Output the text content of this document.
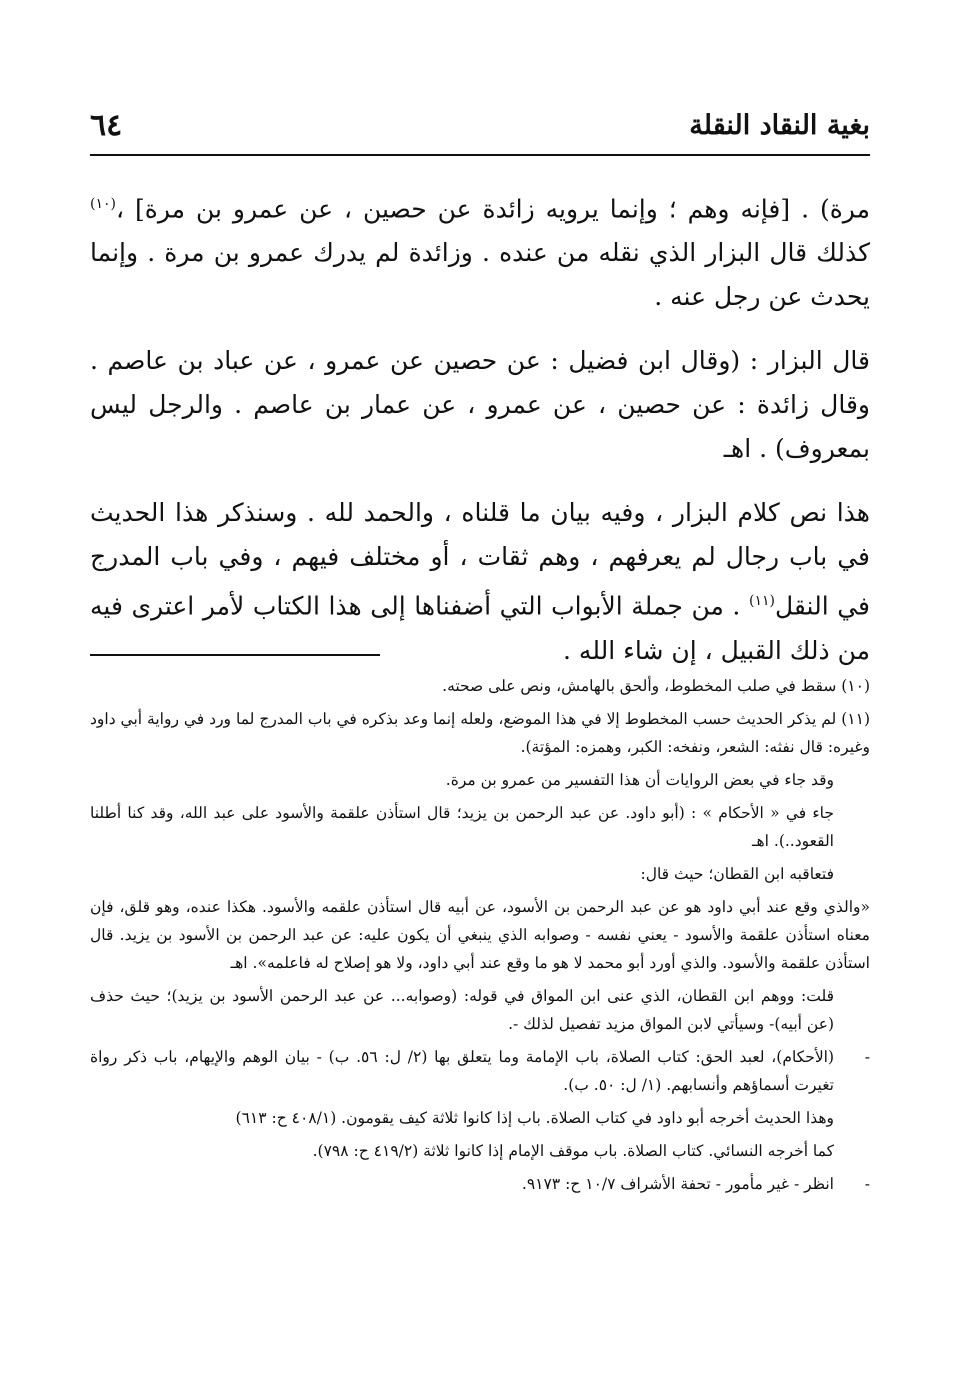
بغية النقاد النقلة
٦٤

مرة) . [فإنه وهم ؛ وإنما يرويه زائدة عن حصين ، عن عمرو بن مرة] ،$^{(١٠)}$ كذلك قال البزار الذي نقله من عنده . وزائدة لم يدرك عمرو بن مرة . وإنما يحدث عن رجل عنه .

قال البزار : (وقال ابن فضيل : عن حصين عن عمرو ، عن عباد بن عاصم . وقال زائدة : عن حصين ، عن عمرو ، عن عمار بن عاصم . والرجل ليس بمعروف) . اهـ

هذا نص كلام البزار ، وفيه بيان ما قلناه ، والحمد لله . وسنذكر هذا الحديث في باب رجال لم يعرفهم ، وهم ثقات ، أو مختلف فيهم ، وفي باب المدرج في النقل$^{(١١)}$ . من جملة الأبواب التي أضفناها إلى هذا الكتاب لأمر اعترى فيه من ذلك القبيل ، إن شاء الله .

(١٠) سقط في صلب المخطوط، وألحق بالهامش، ونص على صحته.

(١١) لم يذكر الحديث حسب المخطوط إلا في هذا الموضع، ولعله إنما وعد بذكره في باب المدرج لما ورد في رواية أبي داود وغيره: قال نفثه: الشعر، ونفخه: الكبر، وهمزه: المؤتة).

وقد جاء في بعض الروايات أن هذا التفسير من عمرو بن مرة.

جاء في « الأحكام » : (أبو داود. عن عبد الرحمن بن يزيد؛ قال استأذن علقمة والأسود على عبد الله، وقد كنا أطلنا القعود..). اهـ

فتعاقبه ابن القطان؛ حيث قال:

«والذي وقع عند أبي داود هو عن عبد الرحمن بن الأسود، عن أبيه قال استأذن علقمه والأسود. هكذا عنده، وهو قلق، فإن معناه استأذن علقمة والأسود - يعني نفسه - وصوابه الذي ينبغي أن يكون عليه: عن عبد الرحمن بن الأسود بن يزيد. قال استأذن علقمة والأسود. والذي أورد أبو محمد لا هو ما وقع عند أبي داود، ولا هو إصلاح له فاعلمه». اهـ

قلت: ووهم ابن القطان، الذي عنى ابن المواق في قوله: (وصوابه... عن عبد الرحمن الأسود بن يزيد)؛ حيث حذف (عن أبيه)- وسيأتي لابن المواق مزيد تفصيل لذلك -.

-
(الأحكام)، لعبد الحق: كتاب الصلاة، باب الإمامة وما يتعلق بها (٢/ ل: ٥٦. ب) - بيان الوهم والإيهام، باب ذكر رواة تغيرت أسماؤهم وأنسابهم. (١/ ل: ٥٠. ب).

وهذا الحديث أخرجه أبو داود في كتاب الصلاة. باب إذا كانوا ثلاثة كيف يقومون. (٤٠٨/١ ح: ٦١٣)

كما أخرجه النسائي. كتاب الصلاة. باب موقف الإمام إذا كانوا ثلاثة (٤١٩/٢ ح: ٧٩٨).

-
انظر - غير مأمور - تحفة الأشراف ١٠/٧ ح: ٩١٧٣.
